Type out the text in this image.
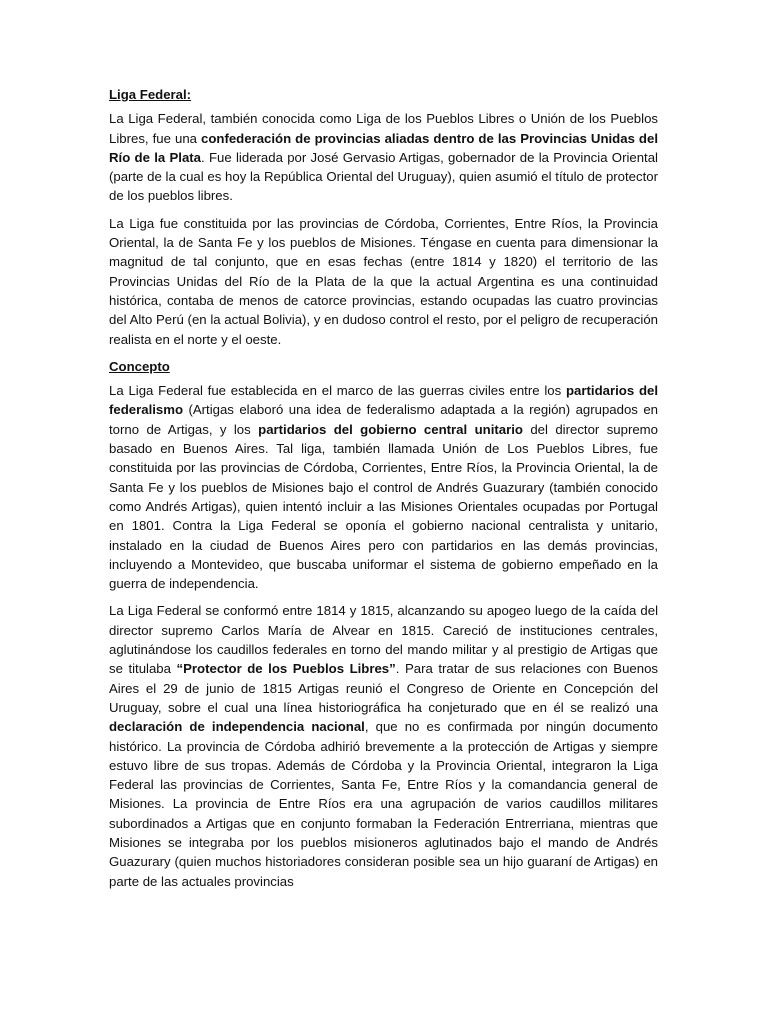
Liga Federal:

La Liga Federal, también conocida como Liga de los Pueblos Libres o Unión de los Pueblos Libres, fue una confederación de provincias aliadas dentro de las Provincias Unidas del Río de la Plata. Fue liderada por José Gervasio Artigas, gobernador de la Provincia Oriental (parte de la cual es hoy la República Oriental del Uruguay), quien asumió el título de protector de los pueblos libres.

La Liga fue constituida por las provincias de Córdoba, Corrientes, Entre Ríos, la Provincia Oriental, la de Santa Fe y los pueblos de Misiones. Téngase en cuenta para dimensionar la magnitud de tal conjunto, que en esas fechas (entre 1814 y 1820) el territorio de las Provincias Unidas del Río de la Plata de la que la actual Argentina es una continuidad histórica, contaba de menos de catorce provincias, estando ocupadas las cuatro provincias del Alto Perú (en la actual Bolivia), y en dudoso control el resto, por el peligro de recuperación realista en el norte y el oeste.

Concepto

La Liga Federal fue establecida en el marco de las guerras civiles entre los partidarios del federalismo (Artigas elaboró una idea de federalismo adaptada a la región) agrupados en torno de Artigas, y los partidarios del gobierno central unitario del director supremo basado en Buenos Aires. Tal liga, también llamada Unión de Los Pueblos Libres, fue constituida por las provincias de Córdoba, Corrientes, Entre Ríos, la Provincia Oriental, la de Santa Fe y los pueblos de Misiones bajo el control de Andrés Guazurary (también conocido como Andrés Artigas), quien intentó incluir a las Misiones Orientales ocupadas por Portugal en 1801. Contra la Liga Federal se oponía el gobierno nacional centralista y unitario, instalado en la ciudad de Buenos Aires pero con partidarios en las demás provincias, incluyendo a Montevideo, que buscaba uniformar el sistema de gobierno empeñado en la guerra de independencia.

La Liga Federal se conformó entre 1814 y 1815, alcanzando su apogeo luego de la caída del director supremo Carlos María de Alvear en 1815. Careció de instituciones centrales, aglutinándose los caudillos federales en torno del mando militar y al prestigio de Artigas que se titulaba “Protector de los Pueblos Libres”. Para tratar de sus relaciones con Buenos Aires el 29 de junio de 1815 Artigas reunió el Congreso de Oriente en Concepción del Uruguay, sobre el cual una línea historiográfica ha conjeturado que en él se realizó una declaración de independencia nacional, que no es confirmada por ningún documento histórico. La provincia de Córdoba adhirió brevemente a la protección de Artigas y siempre estuvo libre de sus tropas. Además de Córdoba y la Provincia Oriental, integraron la Liga Federal las provincias de Corrientes, Santa Fe, Entre Ríos y la comandancia general de Misiones. La provincia de Entre Ríos era una agrupación de varios caudillos militares subordinados a Artigas que en conjunto formaban la Federación Entrerriana, mientras que Misiones se integraba por los pueblos misioneros aglutinados bajo el mando de Andrés Guazurary (quien muchos historiadores consideran posible sea un hijo guaraní de Artigas) en parte de las actuales provincias
